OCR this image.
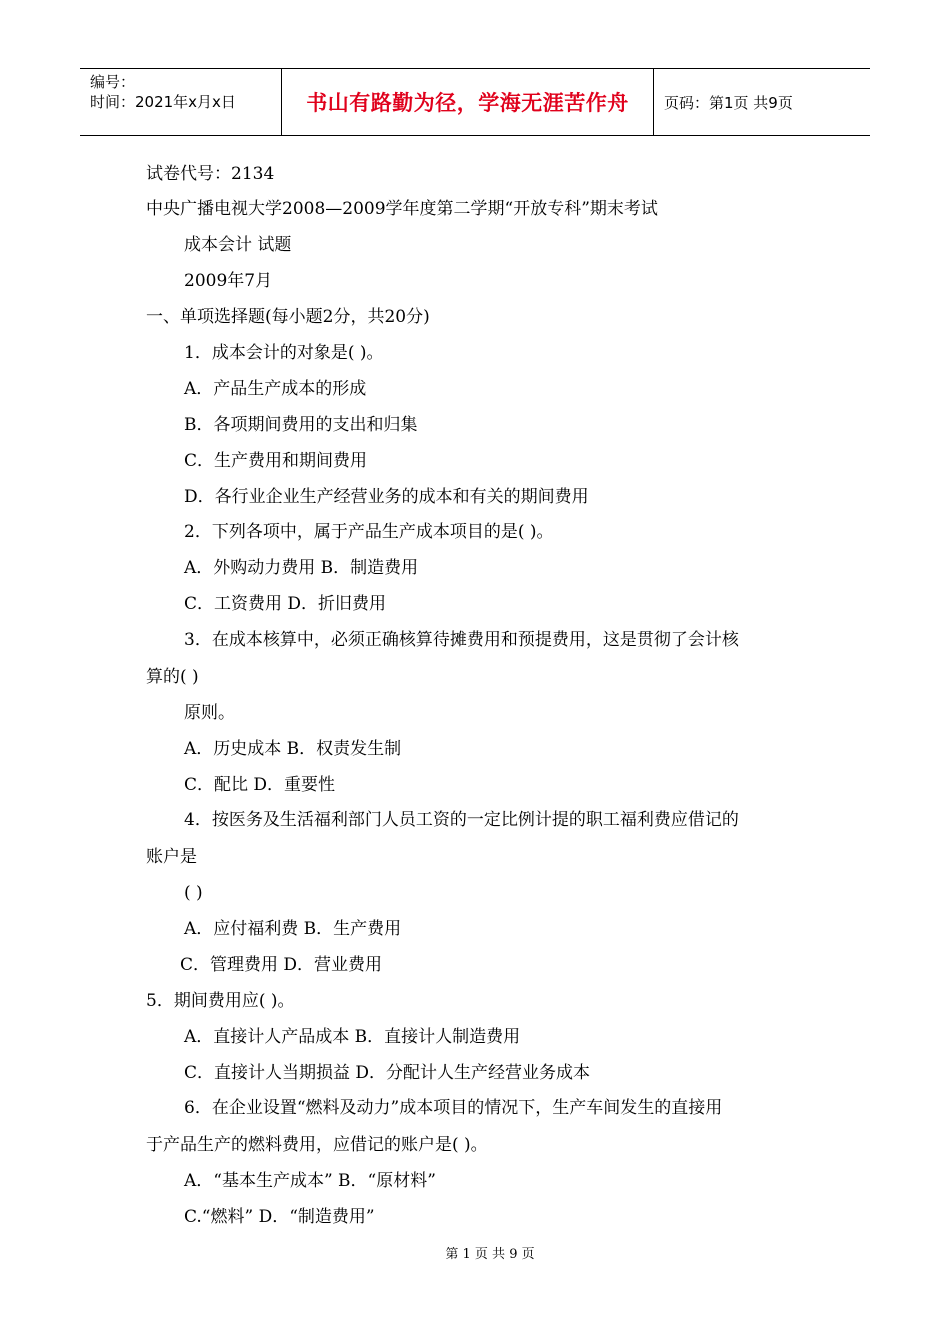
编号：
时间：2021年x月x日	书山有路勤为径，学海无涯苦作舟	页码：第1页 共9页
试卷代号：2134
中央广播电视大学2008—2009学年度第二学期“开放专科”期末考试
成本会计 试题
2009年7月
一、单项选择题(每小题2分，共20分)
1．成本会计的对象是( )。
A．产品生产成本的形成
B．各项期间费用的支出和归集
C．生产费用和期间费用
D．各行业企业生产经营业务的成本和有关的期间费用
2．下列各项中，属于产品生产成本项目的是( )。
A．外购动力费用 B．制造费用
C．工资费用 D．折旧费用
3．在成本核算中，必须正确核算待摊费用和预提费用，这是贯彻了会计核
算的( )
原则。
A．历史成本 B．权责发生制
C．配比 D．重要性
4．按医务及生活福利部门人员工资的一定比例计提的职工福利费应借记的
账户是
( )
A．应付福利费 B．生产费用
C．管理费用 D．营业费用
5．期间费用应( )。
A．直接计人产品成本 B．直接计人制造费用
C．直接计人当期损益 D．分配计人生产经营业务成本
6．在企业设置“燃料及动力”成本项目的情况下，生产车间发生的直接用
于产品生产的燃料费用，应借记的账户是( )。
A．“基本生产成本” B．“原材料”
C.“燃料” D．“制造费用”
第 1 页 共 9 页
